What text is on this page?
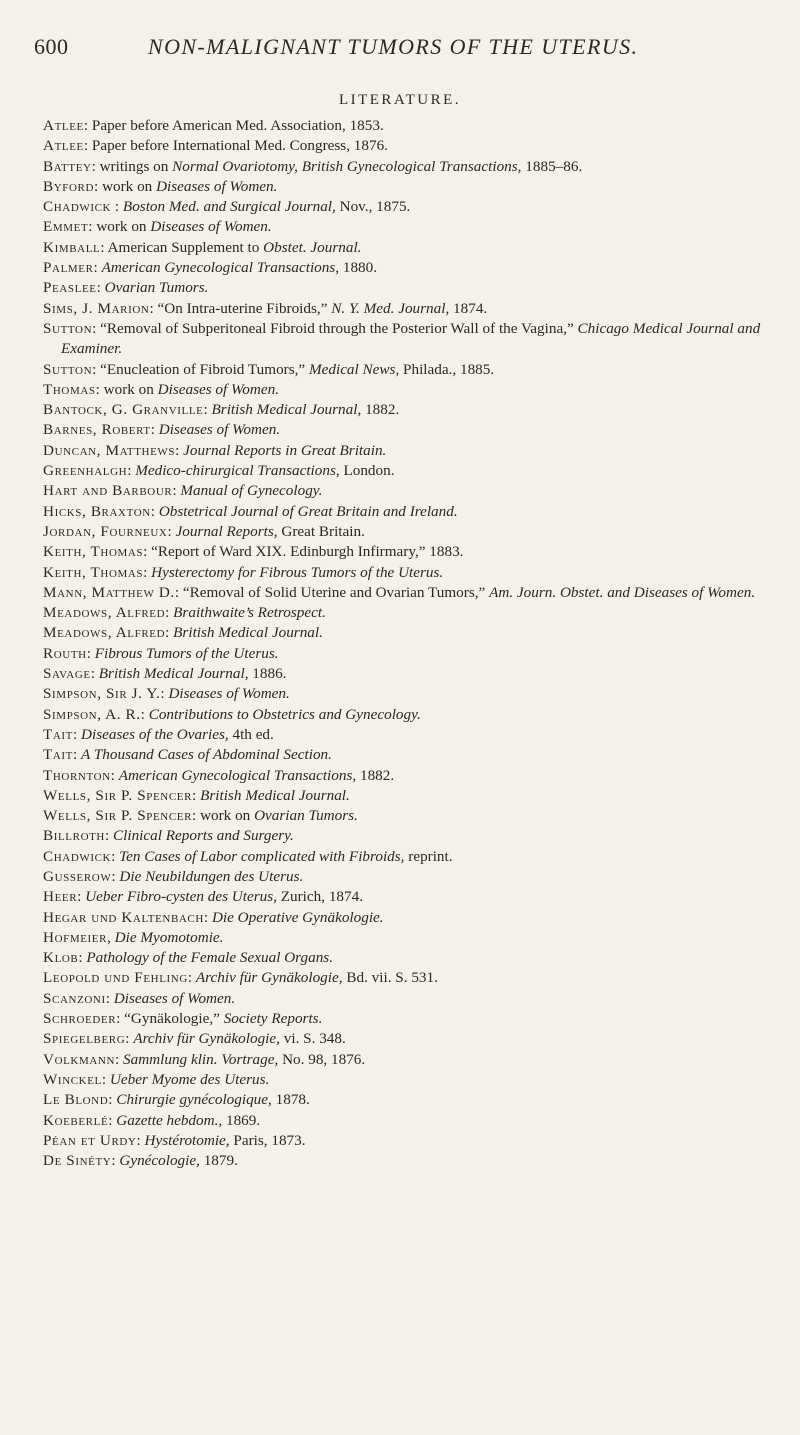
600	NON-MALIGNANT TUMORS OF THE UTERUS.
LITERATURE.
Atlee: Paper before American Med. Association, 1853.
Atlee: Paper before International Med. Congress, 1876.
Battey: writings on Normal Ovariotomy, British Gynecological Transactions, 1885–86.
Byford: work on Diseases of Women.
Chadwick : Boston Med. and Surgical Journal, Nov., 1875.
Emmet: work on Diseases of Women.
Kimball: American Supplement to Obstet. Journal.
Palmer: American Gynecological Transactions, 1880.
Peaslee: Ovarian Tumors.
Sims, J. Marion: “On Intra-uterine Fibroids,” N. Y. Med. Journal, 1874.
Sutton: “Removal of Subperitoneal Fibroid through the Posterior Wall of the Vagina,” Chicago Medical Journal and Examiner.
Sutton: “Enucleation of Fibroid Tumors,” Medical News, Philada., 1885.
Thomas: work on Diseases of Women.
Bantock, G. Granville: British Medical Journal, 1882.
Barnes, Robert: Diseases of Women.
Duncan, Matthews: Journal Reports in Great Britain.
Greenhalgh: Medico-chirurgical Transactions, London.
Hart and Barbour: Manual of Gynecology.
Hicks, Braxton: Obstetrical Journal of Great Britain and Ireland.
Jordan, Fourneux: Journal Reports, Great Britain.
Keith, Thomas: “Report of Ward XIX. Edinburgh Infirmary,” 1883.
Keith, Thomas: Hysterectomy for Fibrous Tumors of the Uterus.
Mann, Matthew D.: “Removal of Solid Uterine and Ovarian Tumors,” Am. Journ. Obstet. and Diseases of Women.
Meadows, Alfred: Braithwaite’s Retrospect.
Meadows, Alfred: British Medical Journal.
Routh: Fibrous Tumors of the Uterus.
Savage: British Medical Journal, 1886.
Simpson, Sir J. Y.: Diseases of Women.
Simpson, A. R.: Contributions to Obstetrics and Gynecology.
Tait: Diseases of the Ovaries, 4th ed.
Tait: A Thousand Cases of Abdominal Section.
Thornton: American Gynecological Transactions, 1882.
Wells, Sir P. Spencer: British Medical Journal.
Wells, Sir P. Spencer: work on Ovarian Tumors.
Billroth: Clinical Reports and Surgery.
Chadwick: Ten Cases of Labor complicated with Fibroids, reprint.
Gusserow: Die Neubildungen des Uterus.
Heer: Ueber Fibro-cysten des Uterus, Zurich, 1874.
Hegar und Kaltenbach: Die Operative Gynäkologie.
Hofmeier, Die Myomotomie.
Klob: Pathology of the Female Sexual Organs.
Leopold und Fehling: Archiv für Gynäkologie, Bd. vii. S. 531.
Scanzoni: Diseases of Women.
Schroeder: “Gynäkologie,” Society Reports.
Spiegelberg: Archiv für Gynäkologie, vi. S. 348.
Volkmann: Sammlung klin. Vortrage, No. 98, 1876.
Winckel: Ueber Myome des Uterus.
Le Blond: Chirurgie gynécologique, 1878.
Koeberlé: Gazette hebdom., 1869.
Péan et Urdy: Hystérotomie, Paris, 1873.
De Sinéty: Gynécologie, 1879.
